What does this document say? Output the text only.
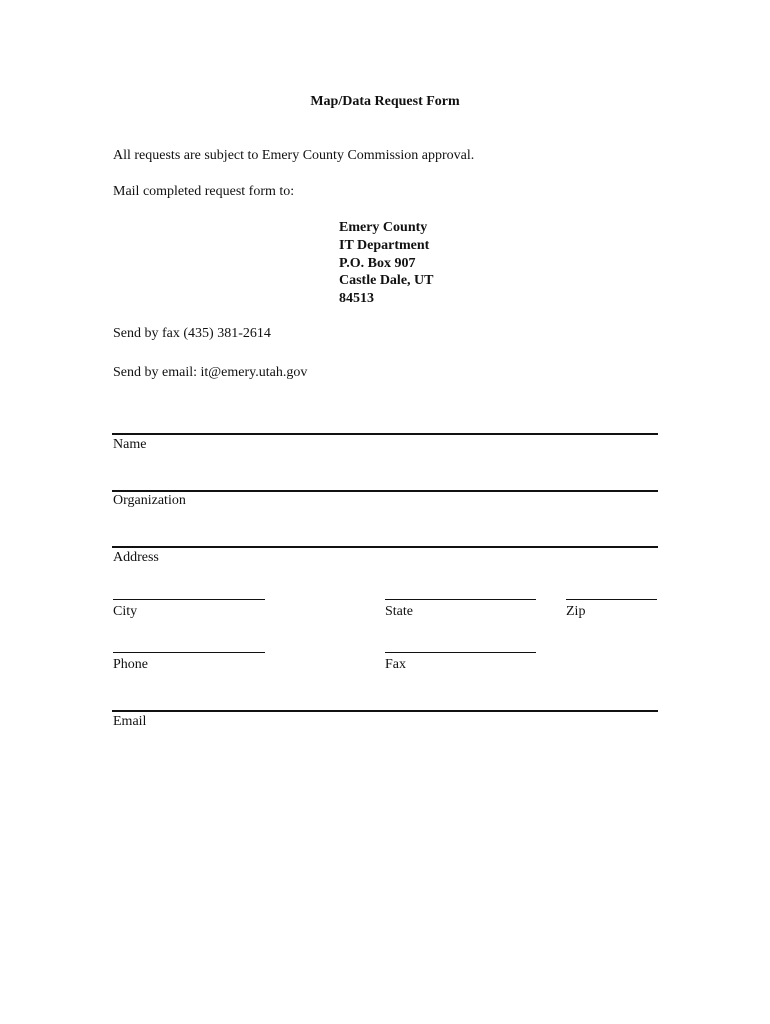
Map/Data Request Form
All requests are subject to Emery County Commission approval.
Mail completed request form to:
Emery County
IT Department
P.O. Box 907
Castle Dale, UT
84513
Send by fax (435) 381-2614
Send by email: it@emery.utah.gov
Name
Organization
Address
City	State	Zip
Phone	Fax
Email
